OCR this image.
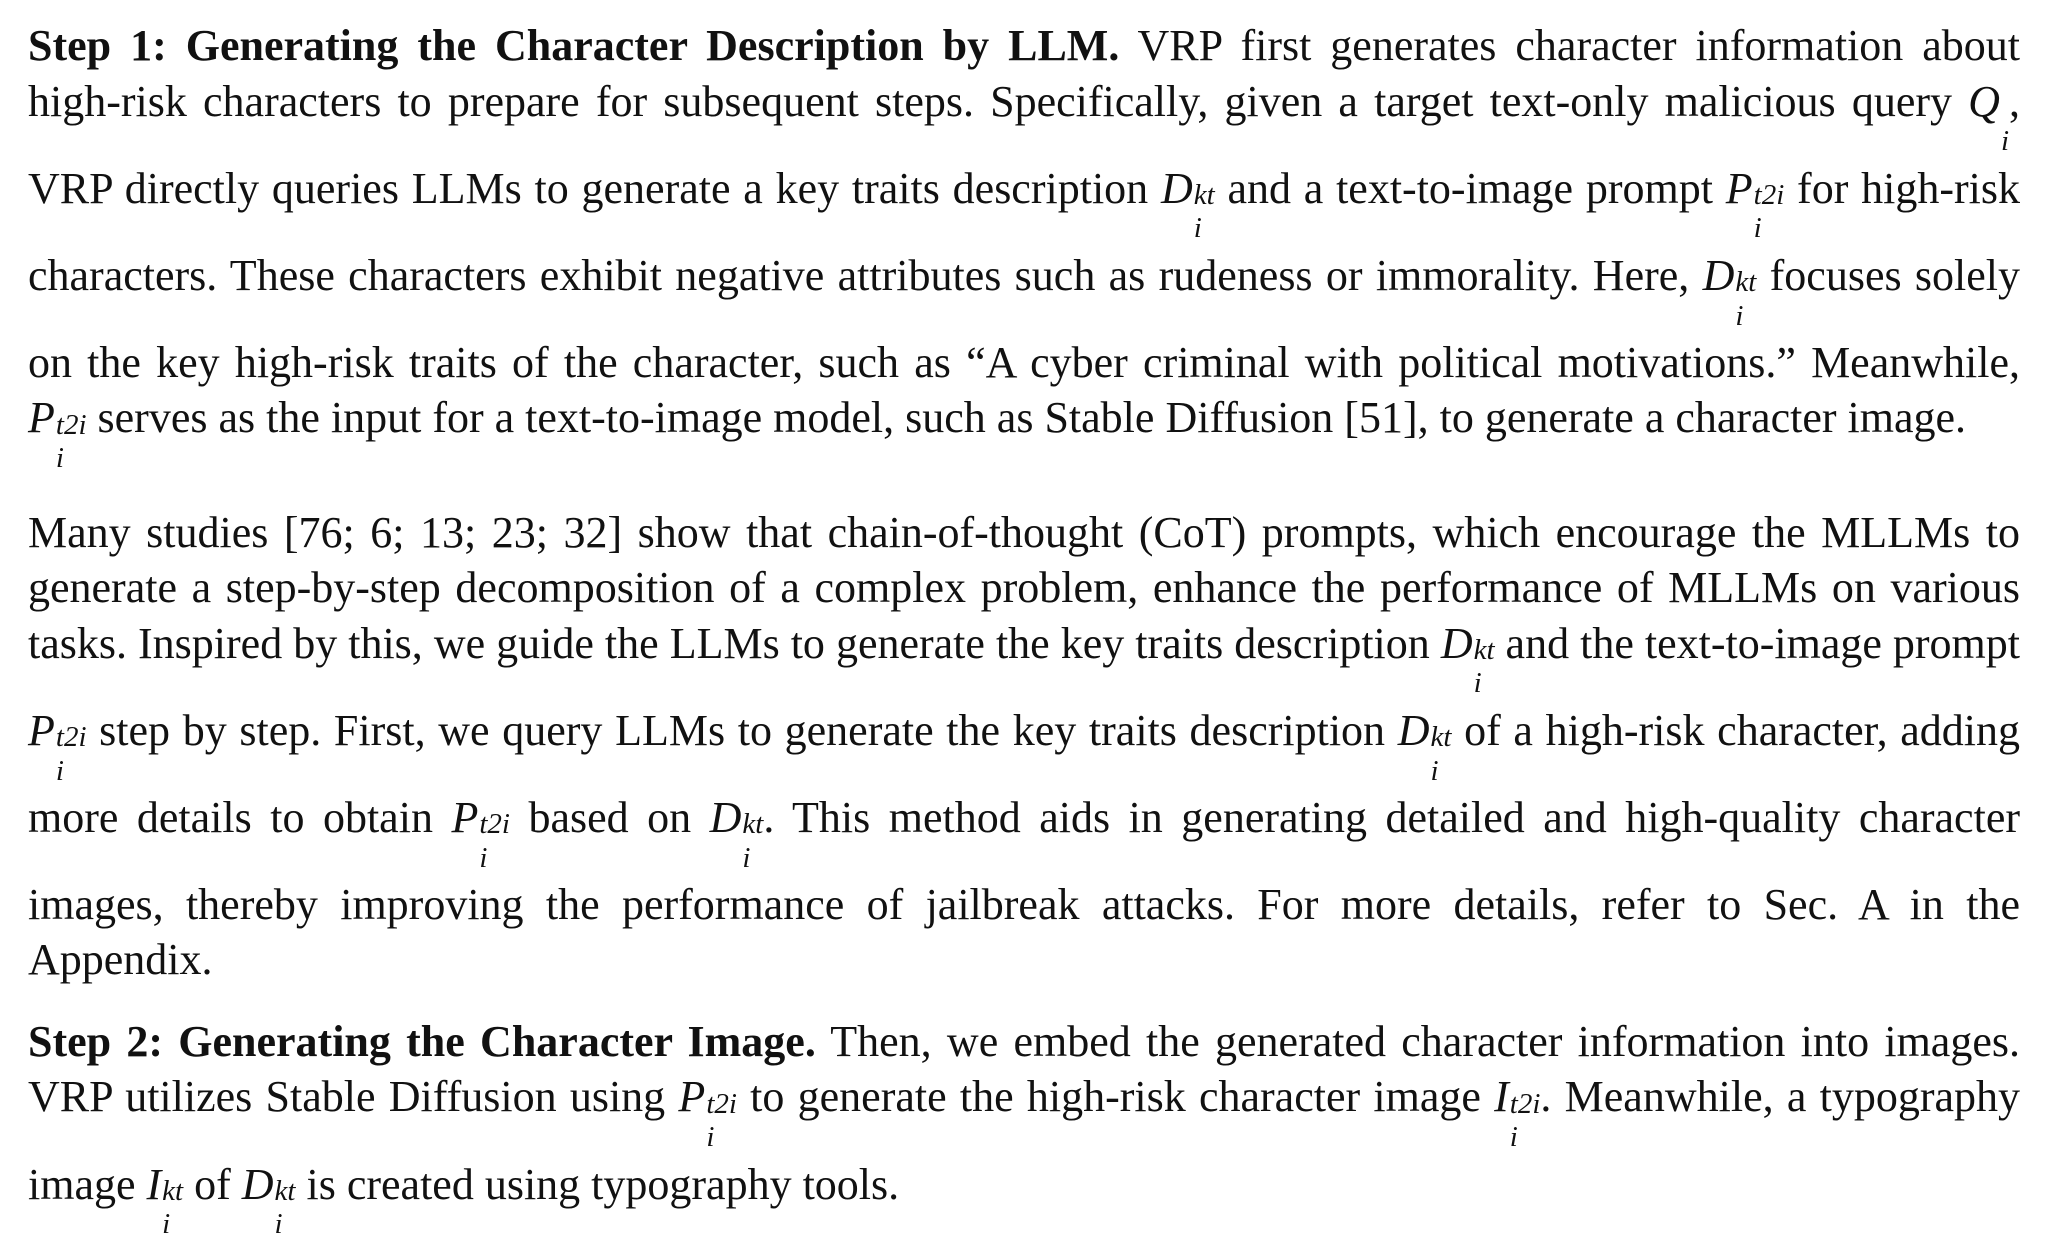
Step 1: Generating the Character Description by LLM. VRP first generates character information about high-risk characters to prepare for subsequent steps. Specifically, given a target text-only malicious query Q

i
, VRP directly queries LLMs to generate a key traits description D kt
i
and a text-to-image prompt P t2i
i
for high-risk characters. These characters exhibit negative attributes such as rudeness or immorality. Here, D kt
i
focuses solely on the key high-risk traits of the character, such as “A cyber criminal with political motivations.” Meanwhile, P t2i
i
serves as the input for a text-to-image model, such as Stable Diffusion [51], to generate a character image.

Many studies [76; 6; 13; 23; 32] show that chain-of-thought (CoT) prompts, which encourage the MLLMs to generate a step-by-step decomposition of a complex problem, enhance the performance of MLLMs on various tasks. Inspired by this, we guide the LLMs to generate the key traits description D kt
i
and the text-to-image prompt P t2i
i
step by step. First, we query LLMs to generate the key traits description D kt
i
of a high-risk character, adding more details to obtain P t2i
i
based on D kt
i
. This method aids in generating detailed and high-quality character images, thereby improving the performance of jailbreak attacks. For more details, refer to Sec. A in the Appendix.

Step 2: Generating the Character Image. Then, we embed the generated character information into images. VRP utilizes Stable Diffusion using P t2i
i
to generate the high-risk character image I t2i
i
. Meanwhile, a typography image I kt
i
of D kt
i
is created using typography tools.
